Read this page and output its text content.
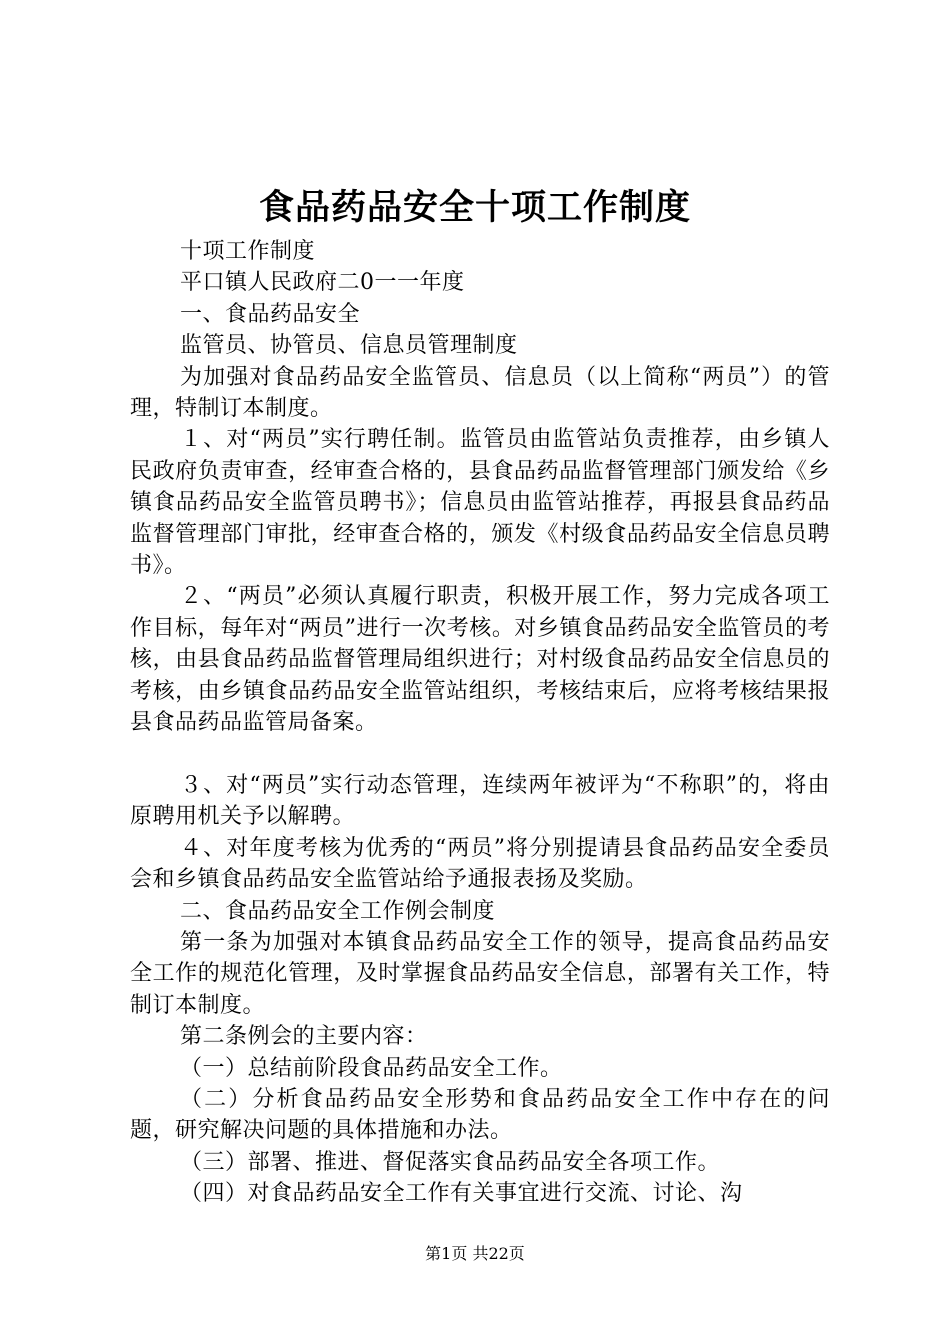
食品药品安全十项工作制度

十项工作制度

平口镇人民政府二0一一年度

一、食品药品安全

监管员、协管员、信息员管理制度

为加强对食品药品安全监管员、信息员（以上简称“两员”）的管理，特制订本制度。

１、对“两员”实行聘任制。监管员由监管站负责推荐，由乡镇人民政府负责审查，经审查合格的，县食品药品监督管理部门颁发给《乡镇食品药品安全监管员聘书》；信息员由监管站推荐，再报县食品药品监督管理部门审批，经审查合格的，颁发《村级食品药品安全信息员聘书》。

２、“两员”必须认真履行职责，积极开展工作，努力完成各项工作目标，每年对“两员”进行一次考核。对乡镇食品药品安全监管员的考核，由县食品药品监督管理局组织进行；对村级食品药品安全信息员的考核，由乡镇食品药品安全监管站组织，考核结束后，应将考核结果报县食品药品监管局备案。

３、对“两员”实行动态管理，连续两年被评为“不称职”的，将由原聘用机关予以解聘。

４、对年度考核为优秀的“两员”将分别提请县食品药品安全委员会和乡镇食品药品安全监管站给予通报表扬及奖励。

二、食品药品安全工作例会制度

第一条为加强对本镇食品药品安全工作的领导，提高食品药品安全工作的规范化管理，及时掌握食品药品安全信息，部署有关工作，特制订本制度。

第二条例会的主要内容：

（一）总结前阶段食品药品安全工作。

（二）分析食品药品安全形势和食品药品安全工作中存在的问题，研究解决问题的具体措施和办法。

（三）部署、推进、督促落实食品药品安全各项工作。

（四）对食品药品安全工作有关事宜进行交流、讨论、沟

第1页 共22页
